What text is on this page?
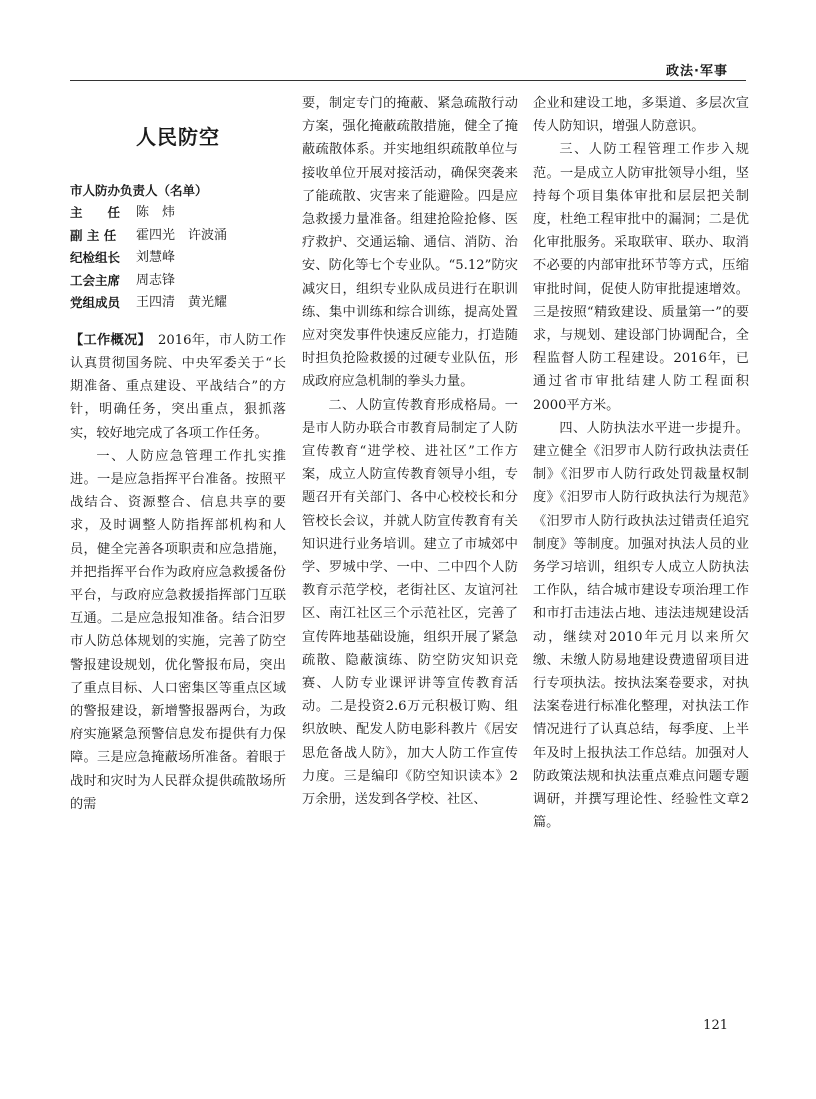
政法·军事
人民防空
市人防办负责人（名单）
主　　任	陈　炜
副 主 任	霍四光　许波涌
纪检组长	刘慧峰
工会主席	周志锋
党组成员	王四清　黄光耀

【工作概况】　 2016年，市人防工作认真贯彻国务院、中央军委关于“长期准备、重点建设、平战结合”的方针，明确任务，突出重点，狠抓落实，较好地完成了各项工作任务。

一、人防应急管理工作扎实推进。一是应急指挥平台准备。按照平战结合、资源整合、信息共享的要求，及时调整人防指挥部机构和人员，健全完善各项职责和应急措施，并把指挥平台作为政府应急救援备份平台，与政府应急救援指挥部门互联互通。二是应急报知准备。结合汨罗市人防总体规划的实施，完善了防空警报建设规划，优化警报布局，突出了重点目标、人口密集区等重点区域的警报建设，新增警报器两台，为政府实施紧急预警信息发布提供有力保障。三是应急掩蔽场所准备。着眼于战时和灾时为人民群众提供疏散场所的需

要，制定专门的掩蔽、紧急疏散行动方案，强化掩蔽疏散措施，健全了掩蔽疏散体系。并实地组织疏散单位与接收单位开展对接活动，确保突袭来了能疏散、灾害来了能避险。四是应急救援力量准备。组建抢险抢修、医疗救护、交通运输、通信、消防、治安、防化等七个专业队。“5.12”防灾减灾日，组织专业队成员进行在职训练、集中训练和综合训练，提高处置应对突发事件快速反应能力，打造随时担负抢险救援的过硬专业队伍，形成政府应急机制的拳头力量。

二、人防宣传教育形成格局。一是市人防办联合市教育局制定了人防宣传教育“进学校、进社区”工作方案，成立人防宣传教育领导小组，专题召开有关部门、各中心校校长和分管校长会议，并就人防宣传教育有关知识进行业务培训。建立了市城郊中学、罗城中学、一中、二中四个人防教育示范学校，老街社区、友谊河社区、南江社区三个示范社区，完善了宣传阵地基础设施，组织开展了紧急疏散、隐蔽演练、防空防灾知识竞赛、人防专业课评讲等宣传教育活动。二是投资2.6万元积极订购、组织放映、配发人防电影科教片《居安思危备战人防》，加大人防工作宣传力度。三是编印《防空知识读本》2万余册，送发到各学校、社区、

企业和建设工地，多渠道、多层次宣传人防知识，增强人防意识。

三、人防工程管理工作步入规范。一是成立人防审批领导小组，坚持每个项目集体审批和层层把关制度，杜绝工程审批中的漏洞；二是优化审批服务。采取联审、联办、取消不必要的内部审批环节等方式，压缩审批时间，促使人防审批提速增效。三是按照“精致建设、质量第一”的要求，与规划、建设部门协调配合，全程监督人防工程建设。2016年，已通过省市审批结建人防工程面积2000平方米。

四、人防执法水平进一步提升。建立健全《汨罗市人防行政执法责任制》《汨罗市人防行政处罚裁量权制度》《汨罗市人防行政执法行为规范》《汨罗市人防行政执法过错责任追究制度》等制度。加强对执法人员的业务学习培训，组织专人成立人防执法工作队，结合城市建设专项治理工作和市打击违法占地、违法违规建设活动，继续对2010年元月以来所欠缴、未缴人防易地建设费遗留项目进行专项执法。按执法案卷要求，对执法案卷进行标准化整理，对执法工作情况进行了认真总结，每季度、上半年及时上报执法工作总结。加强对人防政策法规和执法重点难点问题专题调研，并撰写理论性、经验性文章2篇。

121
